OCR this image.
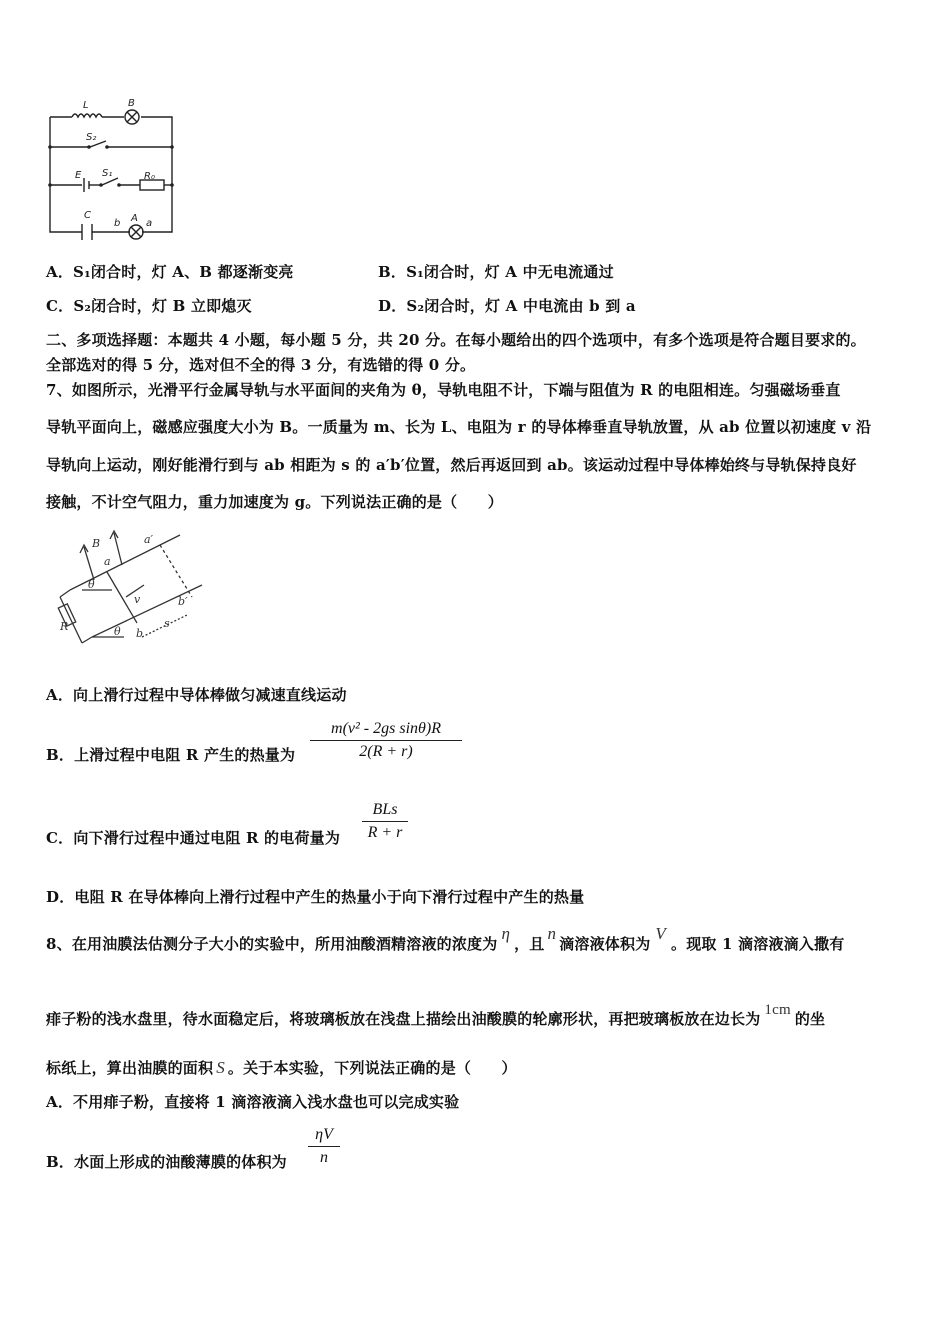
L	B
S₂
E S₁	R₀
C
b A a
A．S₁闭合时，灯 A、B 都逐渐变亮	B．S₁闭合时，灯 A 中无电流通过
C．S₂闭合时，灯 B 立即熄灭	D．S₂闭合时，灯 A 中电流由 b 到 a
二、多项选择题：本题共 4 小题，每小题 5 分，共 20 分。在每小题给出的四个选项中，有多个选项是符合题目要求的。
全部选对的得 5 分，选对但不全的得 3 分，有选错的得 0 分。
7、如图所示，光滑平行金属导轨与水平面间的夹角为 θ，导轨电阻不计，下端与阻值为 R 的电阻相连。匀强磁场垂直
导轨平面向上，磁感应强度大小为 B。一质量为 m、长为 L、电阻为 r 的导体棒垂直导轨放置，从 ab 位置以初速度 v 沿
导轨向上运动，刚好能滑行到与 ab 相距为 s 的 a′b′位置，然后再返回到 ab。该运动过程中导体棒始终与导轨保持良好
接触，不计空气阻力，重力加速度为 g。下列说法正确的是（　　）
B
a
a′
θ
v
R	θ b
s
b′
A．向上滑行过程中导体棒做匀减速直线运动
B．上滑过程中电阻 R 产生的热量为
m(v² - 2gs sinθ)R
2(R + r)
C．向下滑行过程中通过电阻 R 的电荷量为
BLs
R + r
D．电阻 R 在导体棒向上滑行过程中产生的热量小于向下滑行过程中产生的热量
8、在用油膜法估测分子大小的实验中，所用油酸酒精溶液的浓度为η，且n滴溶液体积为V。现取 1 滴溶液滴入撒有
痱子粉的浅水盘里，待水面稳定后，将玻璃板放在浅盘上描绘出油酸膜的轮廓形状，再把玻璃板放在边长为 1cm 的坐
标纸上，算出油膜的面积 S 。关于本实验，下列说法正确的是（　　）
A．不用痱子粉，直接将 1 滴溶液滴入浅水盘也可以完成实验
B．水面上形成的油酸薄膜的体积为
ηV
n
